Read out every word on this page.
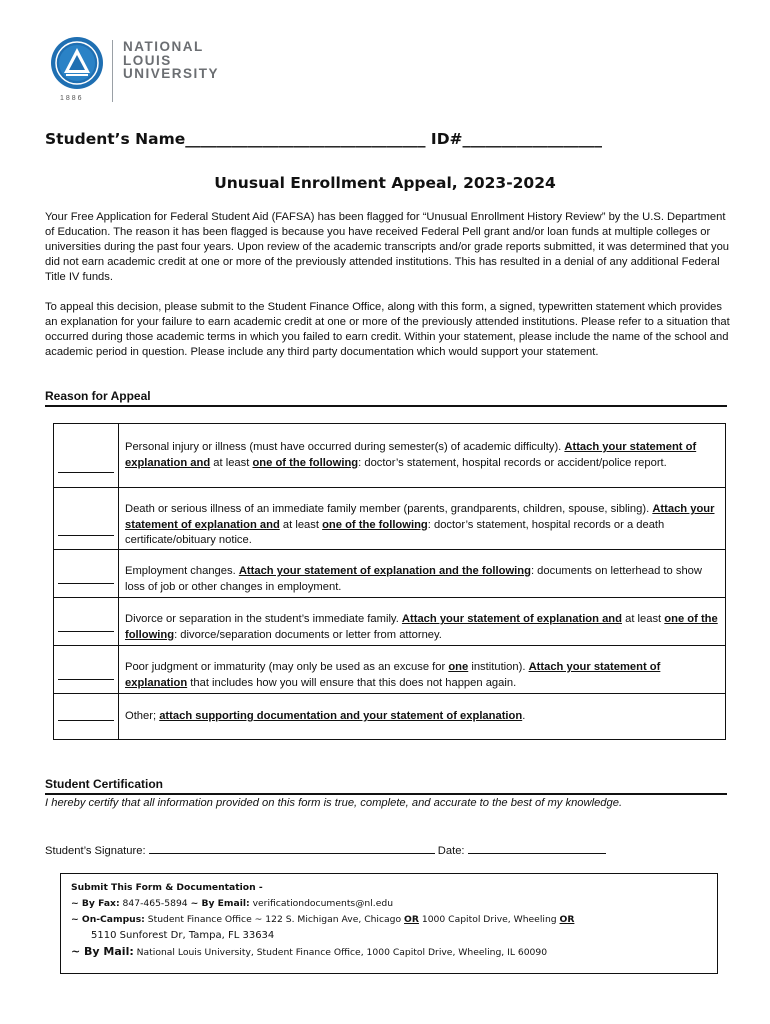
1886
NATIONAL
LOUIS
UNIVERSITY
Student’s Name_______________________________ ID#__________________
Unusual Enrollment Appeal, 2023-2024
Your Free Application for Federal Student Aid (FAFSA) has been flagged for “Unusual Enrollment History Review” by the U.S. Department of Education. The reason it has been flagged is because you have received Federal Pell grant and/or loan funds at multiple colleges or universities during the past four years. Upon review of the academic transcripts and/or grade reports submitted, it was determined that you did not earn academic credit at one or more of the previously attended institutions. This has resulted in a denial of any additional Federal Title IV funds.
To appeal this decision, please submit to the Student Finance Office, along with this form, a signed, typewritten statement which provides an explanation for your failure to earn academic credit at one or more of the previously attended institutions. Please refer to a situation that occurred during those academic terms in which you failed to earn credit. Within your statement, please include the name of the school and academic period in question. Please include any third party documentation which would support your statement.
Reason for Appeal
Personal injury or illness (must have occurred during semester(s) of academic difficulty). Attach your statement of explanation and at least one of the following: doctor’s statement, hospital records or accident/police report.
Death or serious illness of an immediate family member (parents, grandparents, children, spouse, sibling). Attach your statement of explanation and at least one of the following: doctor’s statement, hospital records or a death certificate/obituary notice.
Employment changes. Attach your statement of explanation and the following: documents on letterhead to show loss of job or other changes in employment.
Divorce or separation in the student’s immediate family. Attach your statement of explanation and at least one of the following: divorce/separation documents or letter from attorney.
Poor judgment or immaturity (may only be used as an excuse for one institution). Attach your statement of explanation that includes how you will ensure that this does not happen again.
Other; attach supporting documentation and your statement of explanation.
Student Certification
I hereby certify that all information provided on this form is true, complete, and accurate to the best of my knowledge.
Student’s Signature:	Date:
Submit This Form & Documentation -
~ By Fax: 847-465-5894 ~ By Email: verificationdocuments@nl.edu
~ On-Campus: Student Finance Office ~ 122 S. Michigan Ave, Chicago OR 1000 Capitol Drive, Wheeling OR
5110 Sunforest Dr, Tampa, FL 33634
~ By Mail: National Louis University, Student Finance Office, 1000 Capitol Drive, Wheeling, IL 60090
